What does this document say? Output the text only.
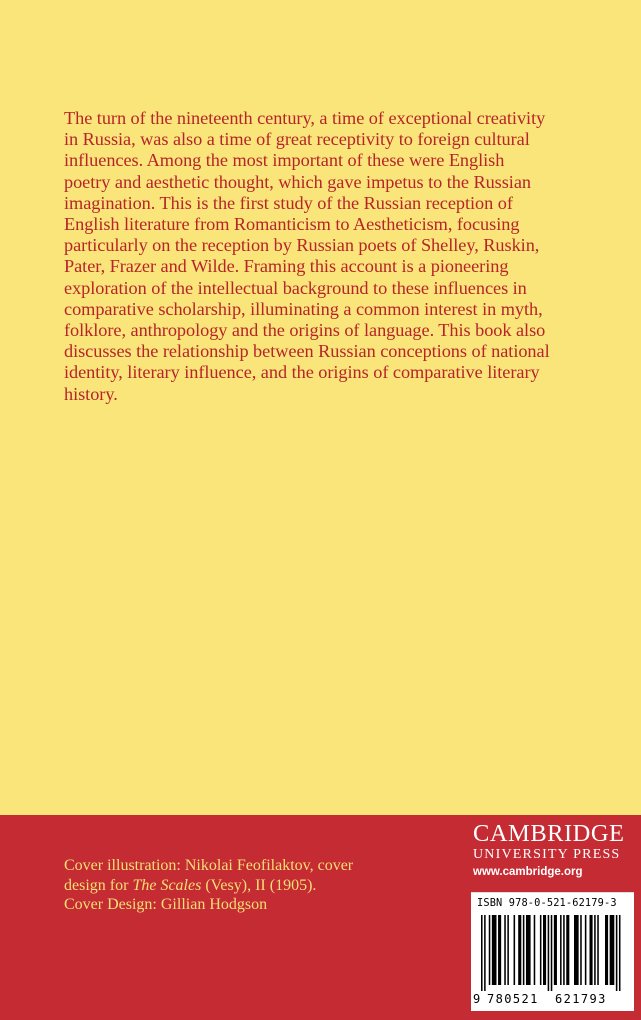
The turn of the nineteenth century, a time of exceptional creativity in Russia, was also a time of great receptivity to foreign cultural influences. Among the most important of these were English poetry and aesthetic thought, which gave impetus to the Russian imagination. This is the first study of the Russian reception of English literature from Romanticism to Aestheticism, focusing particularly on the reception by Russian poets of Shelley, Ruskin, Pater, Frazer and Wilde. Framing this account is a pioneering exploration of the intellectual background to these influences in comparative scholarship, illuminating a common interest in myth, folklore, anthropology and the origins of language. This book also discusses the relationship between Russian conceptions of national identity, literary influence, and the origins of comparative literary history.

Cover illustration: Nikolai Feofilaktov, cover design for The Scales (Vesy), II (1905).
Cover Design: Gillian Hodgson

CAMBRIDGE
UNIVERSITY PRESS
www.cambridge.org
ISBN 978-0-521-62179-3
9 780521 621793
